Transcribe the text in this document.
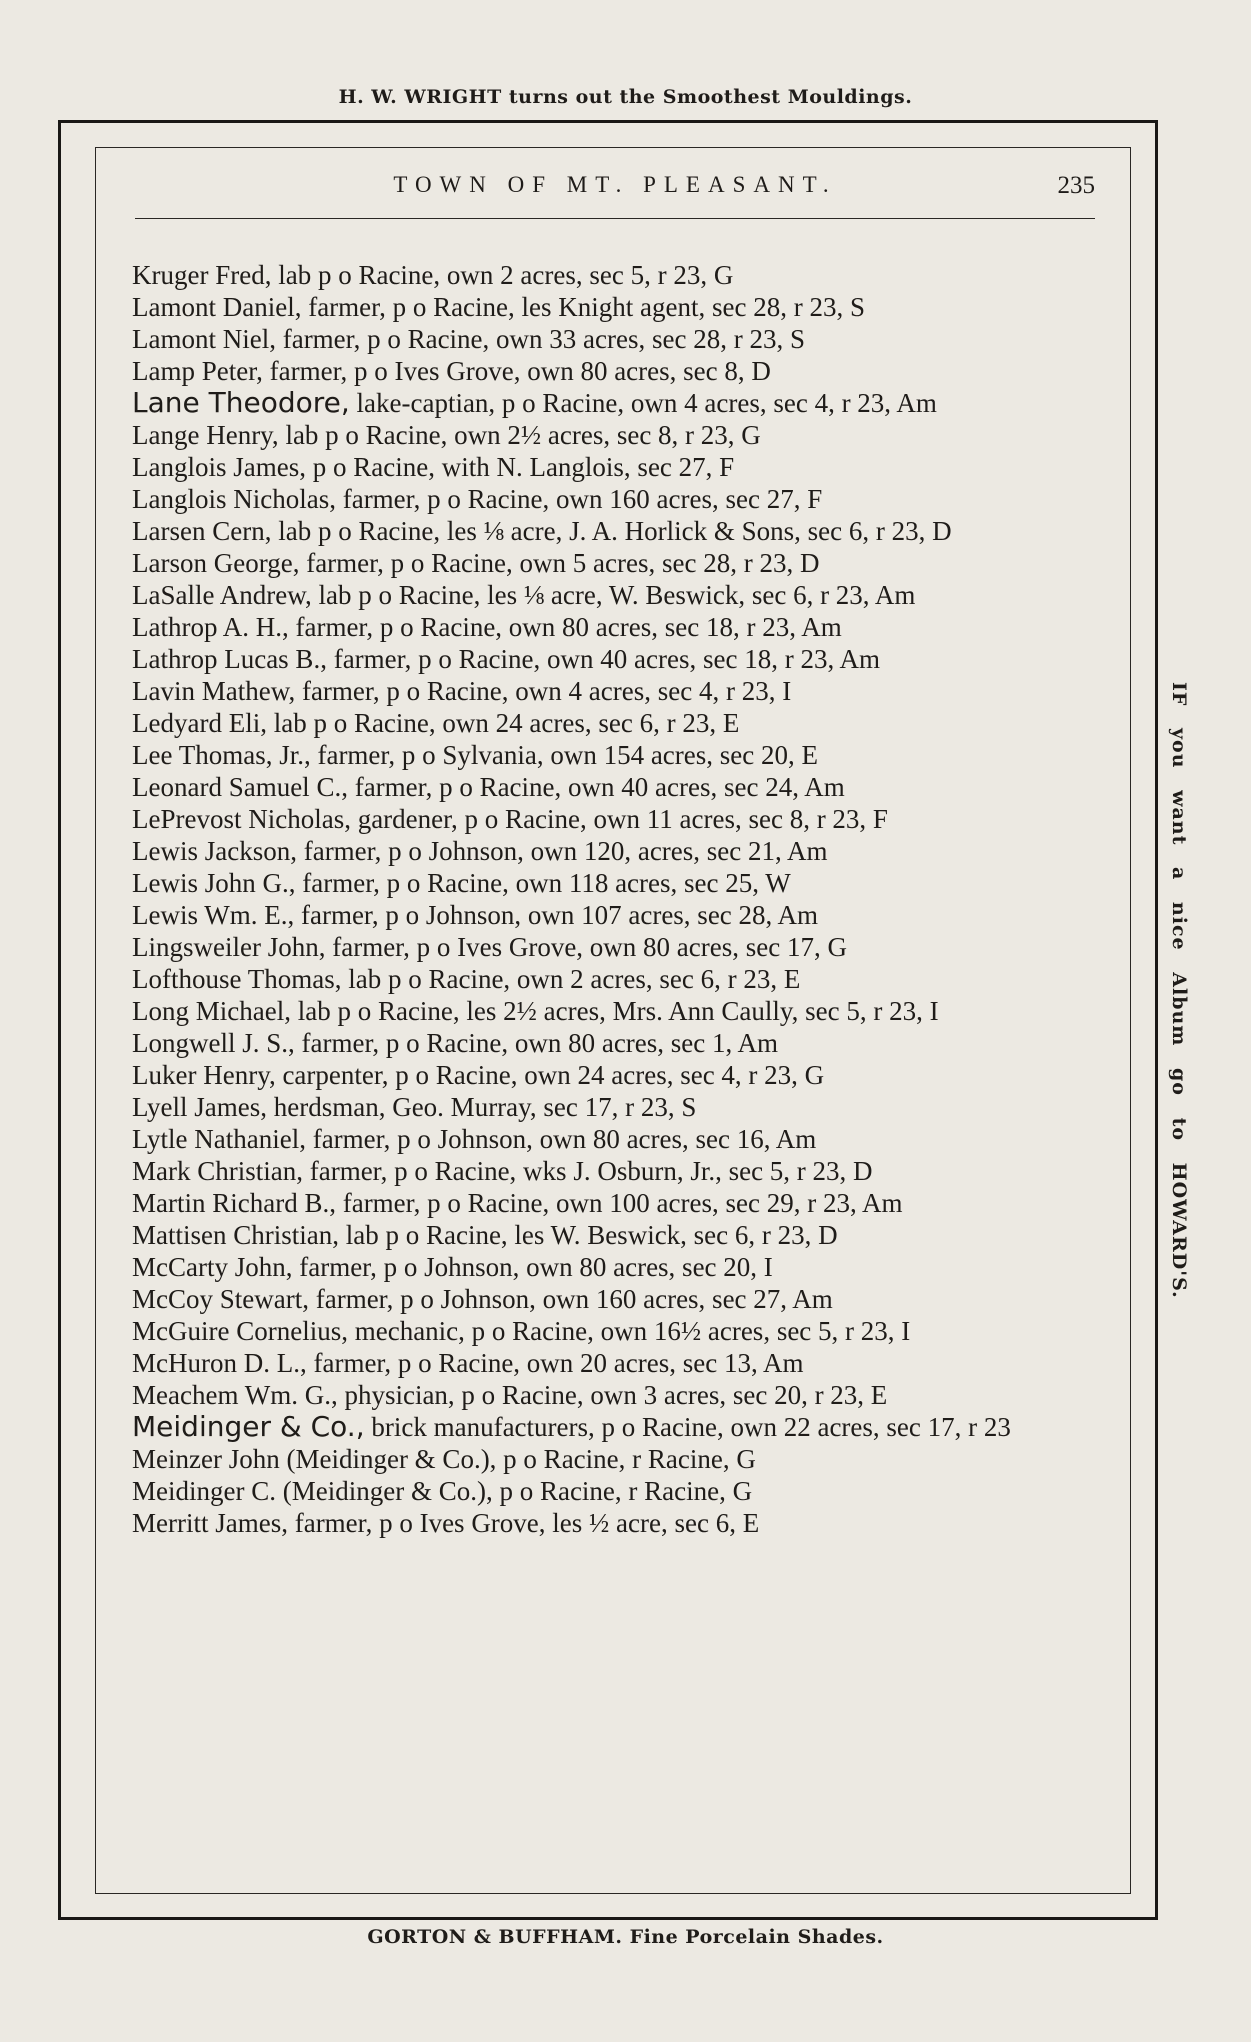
H. W. WRIGHT turns out the Smoothest Mouldings.
TOWN OF MT. PLEASANT.	235

Kruger Fred, lab p o Racine, own 2 acres, sec 5, r 23, G

Lamont Daniel, farmer, p o Racine, les Knight agent, sec 28, r 23, S

Lamont Niel, farmer, p o Racine, own 33 acres, sec 28, r 23, S

Lamp Peter, farmer, p o Ives Grove, own 80 acres, sec 8, D

Lane Theodore, lake-captian, p o Racine, own 4 acres, sec 4, r 23, Am

Lange Henry, lab p o Racine, own 2½ acres, sec 8, r 23, G

Langlois James, p o Racine, with N. Langlois, sec 27, F

Langlois Nicholas, farmer, p o Racine, own 160 acres, sec 27, F

Larsen Cern, lab p o Racine, les ⅛ acre, J. A. Horlick & Sons, sec 6, r 23, D

Larson George, farmer, p o Racine, own 5 acres, sec 28, r 23, D

LaSalle Andrew, lab p o Racine, les ⅛ acre, W. Beswick, sec 6, r 23, Am

Lathrop A. H., farmer, p o Racine, own 80 acres, sec 18, r 23, Am

Lathrop Lucas B., farmer, p o Racine, own 40 acres, sec 18, r 23, Am

Lavin Mathew, farmer, p o Racine, own 4 acres, sec 4, r 23, I

Ledyard Eli, lab p o Racine, own 24 acres, sec 6, r 23, E

Lee Thomas, Jr., farmer, p o Sylvania, own 154 acres, sec 20, E

Leonard Samuel C., farmer, p o Racine, own 40 acres, sec 24, Am

LePrevost Nicholas, gardener, p o Racine, own 11 acres, sec 8, r 23, F

Lewis Jackson, farmer, p o Johnson, own 120, acres, sec 21, Am

Lewis John G., farmer, p o Racine, own 118 acres, sec 25, W

Lewis Wm. E., farmer, p o Johnson, own 107 acres, sec 28, Am

Lingsweiler John, farmer, p o Ives Grove, own 80 acres, sec 17, G

Lofthouse Thomas, lab p o Racine, own 2 acres, sec 6, r 23, E

Long Michael, lab p o Racine, les 2½ acres, Mrs. Ann Caully, sec 5, r 23, I

Longwell J. S., farmer, p o Racine, own 80 acres, sec 1, Am

Luker Henry, carpenter, p o Racine, own 24 acres, sec 4, r 23, G

Lyell James, herdsman, Geo. Murray, sec 17, r 23, S

Lytle Nathaniel, farmer, p o Johnson, own 80 acres, sec 16, Am

Mark Christian, farmer, p o Racine, wks J. Osburn, Jr., sec 5, r 23, D

Martin Richard B., farmer, p o Racine, own 100 acres, sec 29, r 23, Am

Mattisen Christian, lab p o Racine, les W. Beswick, sec 6, r 23, D

McCarty John, farmer, p o Johnson, own 80 acres, sec 20, I

McCoy Stewart, farmer, p o Johnson, own 160 acres, sec 27, Am

McGuire Cornelius, mechanic, p o Racine, own 16½ acres, sec 5, r 23, I

McHuron D. L., farmer, p o Racine, own 20 acres, sec 13, Am

Meachem Wm. G., physician, p o Racine, own 3 acres, sec 20, r 23, E

Meidinger & Co., brick manufacturers, p o Racine, own 22 acres, sec 17, r 23

Meinzer John (Meidinger & Co.), p o Racine, r Racine, G

Meidinger C. (Meidinger & Co.), p o Racine, r Racine, G

Merritt James, farmer, p o Ives Grove, les ½ acre, sec 6, E

IF you want a nice Album go to HOWARD'S.
GORTON & BUFFHAM. Fine Porcelain Shades.
